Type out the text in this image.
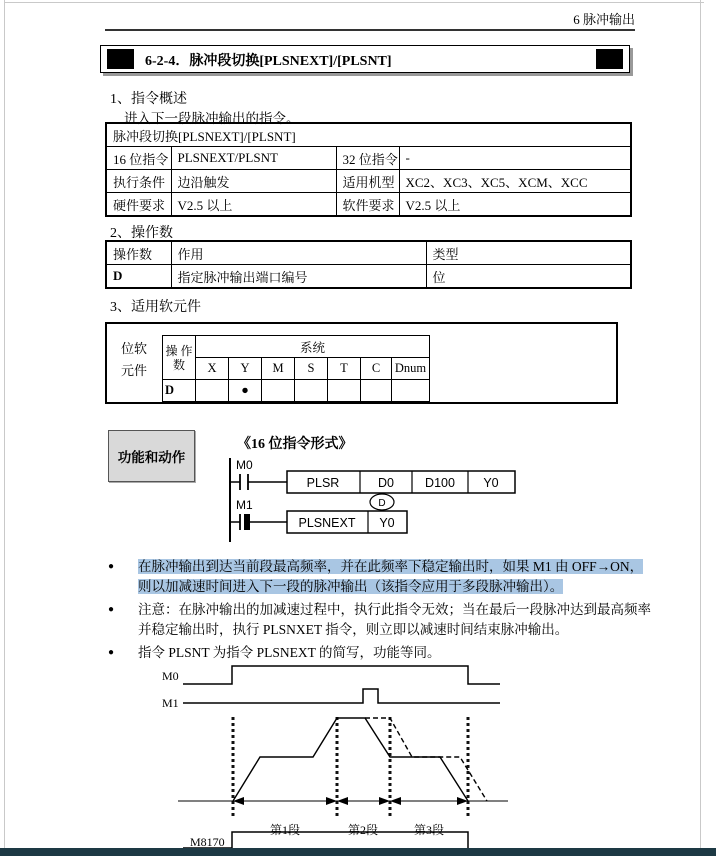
6 脉冲输出
6-2-4．脉冲段切换[PLSNEXT]/[PLSNT]
1、指令概述
进入下一段脉冲输出的指令。
脉冲段切换[PLSNEXT]/[PLSNT]			
16 位指令	PLSNEXT/PLSNT	32 位指令	-
执行条件	边沿触发	适用机型	XC2、XC3、XC5、XCM、XCC
硬件要求	V2.5 以上	软件要求	V2.5 以上
2、操作数
操作数	作用	类型
D	指定脉冲输出端口编号	位
3、适用软元件
位软
元件
操 作
数	系统						
	X	Y	M	S	T	C	Dnum
D		●					
功能和动作
《16 位指令形式》
M0
PLSR	D0 D100 Y0
D
M1
PLSNEXT Y0
●	在脉冲输出到达当前段最高频率，并在此频率下稳定输出时，如果 M1 由 OFF→ON，
则以加减速时间进入下一段的脉冲输出（该指令应用于多段脉冲输出）。
●	注意：在脉冲输出的加减速过程中，执行此指令无效；当在最后一段脉冲达到最高频率
并稳定输出时，执行 PLSNXET 指令，则立即以减速时间结束脉冲输出。
●	指令 PLSNT 为指令 PLSNEXT 的简写，功能等同。
M0
M1
第1段	第2段	第3段
M8170
